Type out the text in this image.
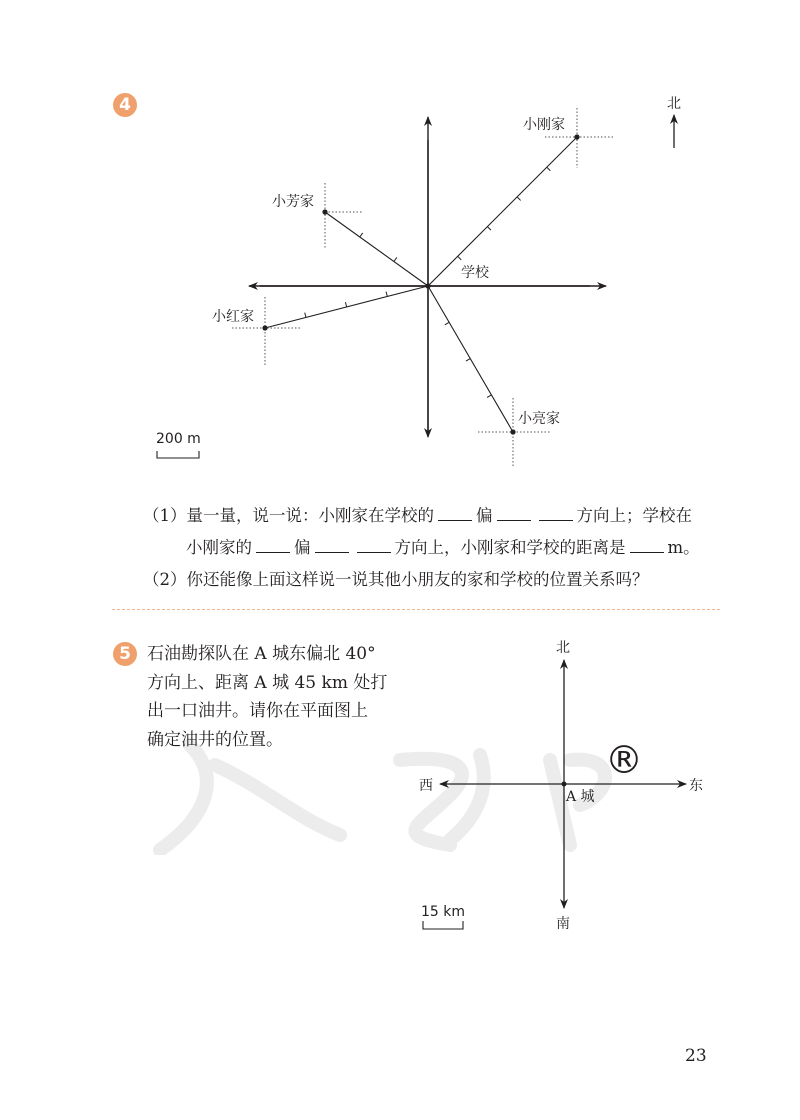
4
学校
北
小刚家
小芳家
小红家
小亮家
200 m
（1）量一量，说一说：小刚家在学校的	偏	方向上；学校在
小刚家的	偏	方向上，小刚家和学校的距离是	m。
（2）你还能像上面这样说一说其他小朋友的家和学校的位置关系吗？
®
5 石油勘探队在 A 城东偏北 40°
方向上、距离 A 城 45 km 处打
出一口油井。请你在平面图上
确定油井的位置。
北
南
东
西
A 城
15 km
23
